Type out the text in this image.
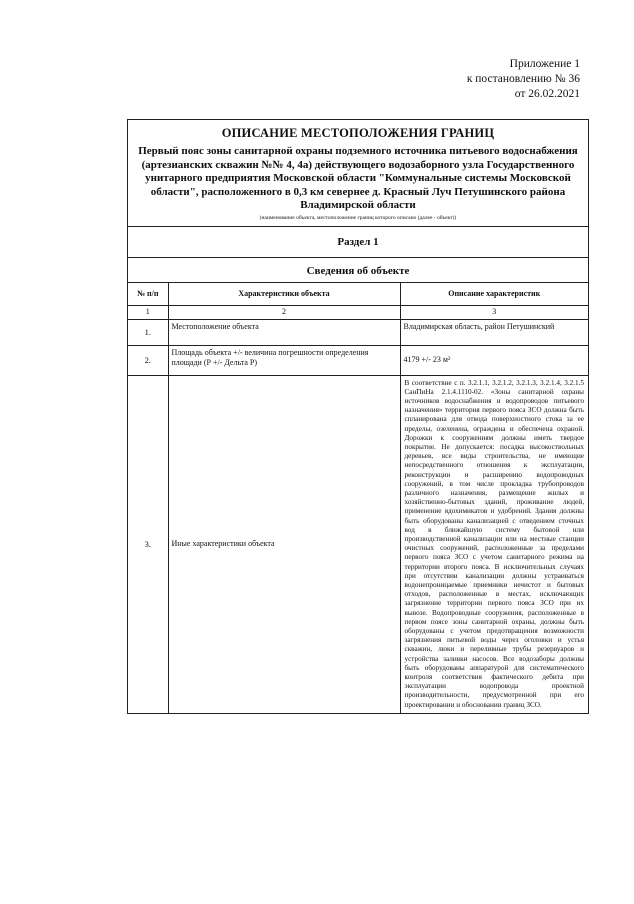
Приложение 1
к постановлению № 36
от 26.02.2021
ОПИСАНИЕ МЕСТОПОЛОЖЕНИЯ ГРАНИЦ
Первый пояс зоны санитарной охраны подземного источника питьевого водоснабжения (артезианских скважин №№ 4, 4а) действующего водозаборного узла Государственного унитарного предприятия Московской области "Коммунальные системы Московской области", расположенного в 0,3 км севернее д. Красный Луч Петушинского района Владимирской области
(наименование объекта, местоположение границ которого описано (далее - объект))
Раздел 1
Сведения об объекте
№ п/п	Характеристики объекта	Описание характеристик
1	2	3
1.	Местоположение объекта	Владимирская область, район Петушинский
2.	Площадь объекта +/- величина погрешности определения площади (Р +/- Дельта Р)	4179 +/- 23 м²
3.	Иные характеристики объекта	В соответствие с п. 3.2.1.1, 3.2.1.2, 3.2.1.3, 3.2.1.4, 3.2.1.5 СанПиНа 2.1.4.1110-02. «Зоны санитарной охраны источников водоснабжения и водопроводов питьевого назначения» территория первого пояса ЗСО должна быть спланирована для отвода поверхностного стока за ее пределы, озеленена, ограждена и обеспечена охраной. Дорожки к сооружениям должны иметь твердое покрытие. Не допускается: посадка высокоствольных деревьев, все виды строительства, не имеющие непосредственного отношения к эксплуатации, реконструкции и расширению водопроводных сооружений, в том числе прокладка трубопроводов различного назначения, размещение жилых и хозяйственно-бытовых зданий, проживание людей, применение ядохимикатов и удобрений. Здания должны быть оборудованы канализацией с отведением сточных вод в ближайшую систему бытовой или производственной канализации или на местные станции очистных сооружений, расположенные за пределами первого пояса ЗСО с учетом санитарного режима на территории второго пояса. В исключительных случаях при отсутствии канализации должны устраиваться водонепроницаемые приемники нечистот и бытовых отходов, расположенные в местах, исключающих загрязнение территории первого пояса ЗСО при их вывозе. Водопроводные сооружения, расположенные в первом поясе зоны санитарной охраны, должны быть оборудованы с учетом предотвращения возможности загрязнения питьевой воды через оголовки и устья скважин, люки и переливные трубы резервуаров и устройства заливки насосов. Все водозаборы должны быть оборудованы аппаратурой для систематического контроля соответствия фактического дебита при эксплуатации водопровода проектной производительности, предусмотренной при его проектировании и обосновании границ ЗСО.
